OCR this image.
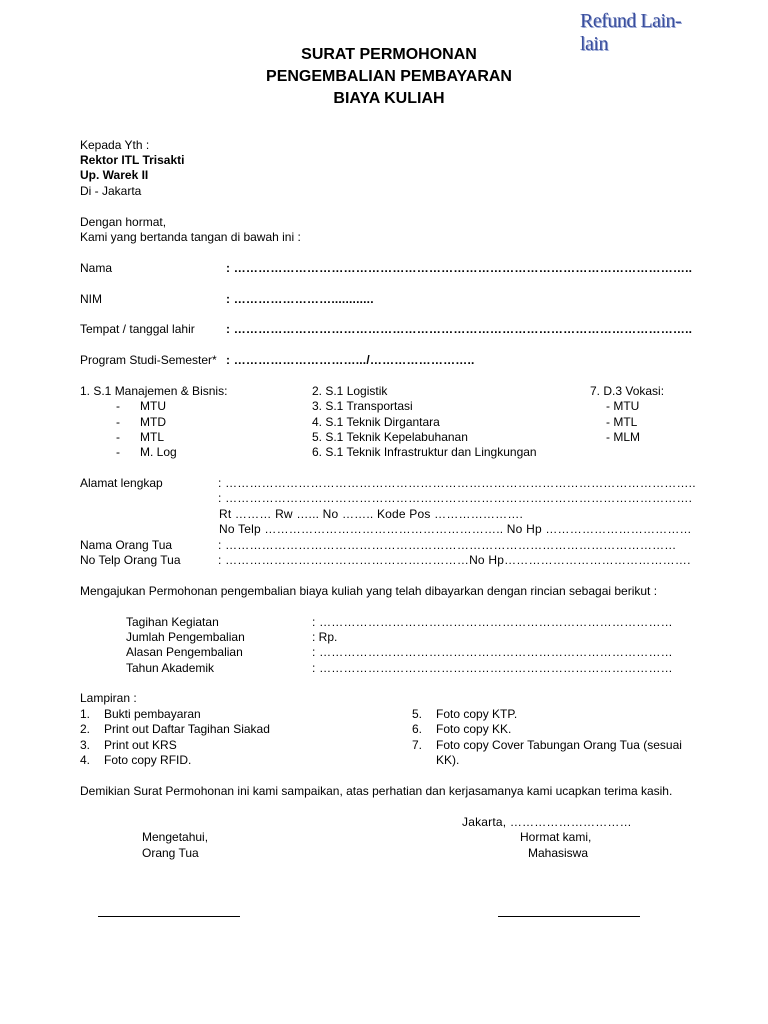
Refund Lain-lain
SURAT PERMOHONAN
PENGEMBALIAN PEMBAYARAN
BIAYA KULIAH
Kepada Yth :
Rektor ITL Trisakti
Up. Warek II
Di - Jakarta
Dengan hormat,
Kami yang bertanda tangan di bawah ini :
Nama	: …………………………………………………………………………………………………..
NIM	: ……………………............
Tempat / tanggal lahir	: …………………………………………………………………………………………………..
Program Studi-Semester* : ………………………….../……………………..
1. S.1 Manajemen & Bisnis:
- MTU
- MTD
- MTL
- M. Log
2. S.1 Logistik
3. S.1 Transportasi
4. S.1 Teknik Dirgantara
5. S.1 Teknik Kepelabuhanan
6. S.1 Teknik Infrastruktur dan Lingkungan
7. D.3 Vokasi:
- MTU
- MTL
- MLM
Alamat lengkap	: ……………………………………………………………………………………………………..
: …………………………………………………………………………………………………….
Rt ……… Rw …... No …….. Kode Pos ………………….
No Telp ………………………………………………….. No Hp ………………………………
Nama Orang Tua	: …………………………………………………………………………………………………
No Telp Orang Tua	: ……………………………………………………No Hp……………………………………….
Mengajukan Permohonan pengembalian biaya kuliah yang telah dibayarkan dengan rincian sebagai berikut :
Tagihan Kegiatan	: ……………………………………………………………………………
Jumlah Pengembalian	: Rp.
Alasan Pengembalian	: ……………………………………………………………………………
Tahun Akademik	: ……………………………………………………………………………
Lampiran :
1. Bukti pembayaran
2. Print out Daftar Tagihan Siakad
3. Print out KRS
4. Foto copy RFID.
5. Foto copy KTP.
6. Foto copy KK.
7. Foto copy Cover Tabungan Orang Tua (sesuai
KK).
Demikian Surat Permohonan ini kami sampaikan, atas perhatian dan kerjasamanya kami ucapkan terima kasih.
Jakarta, …………………………
Mengetahui,
Orang Tua
Hormat kami,
Mahasiswa
